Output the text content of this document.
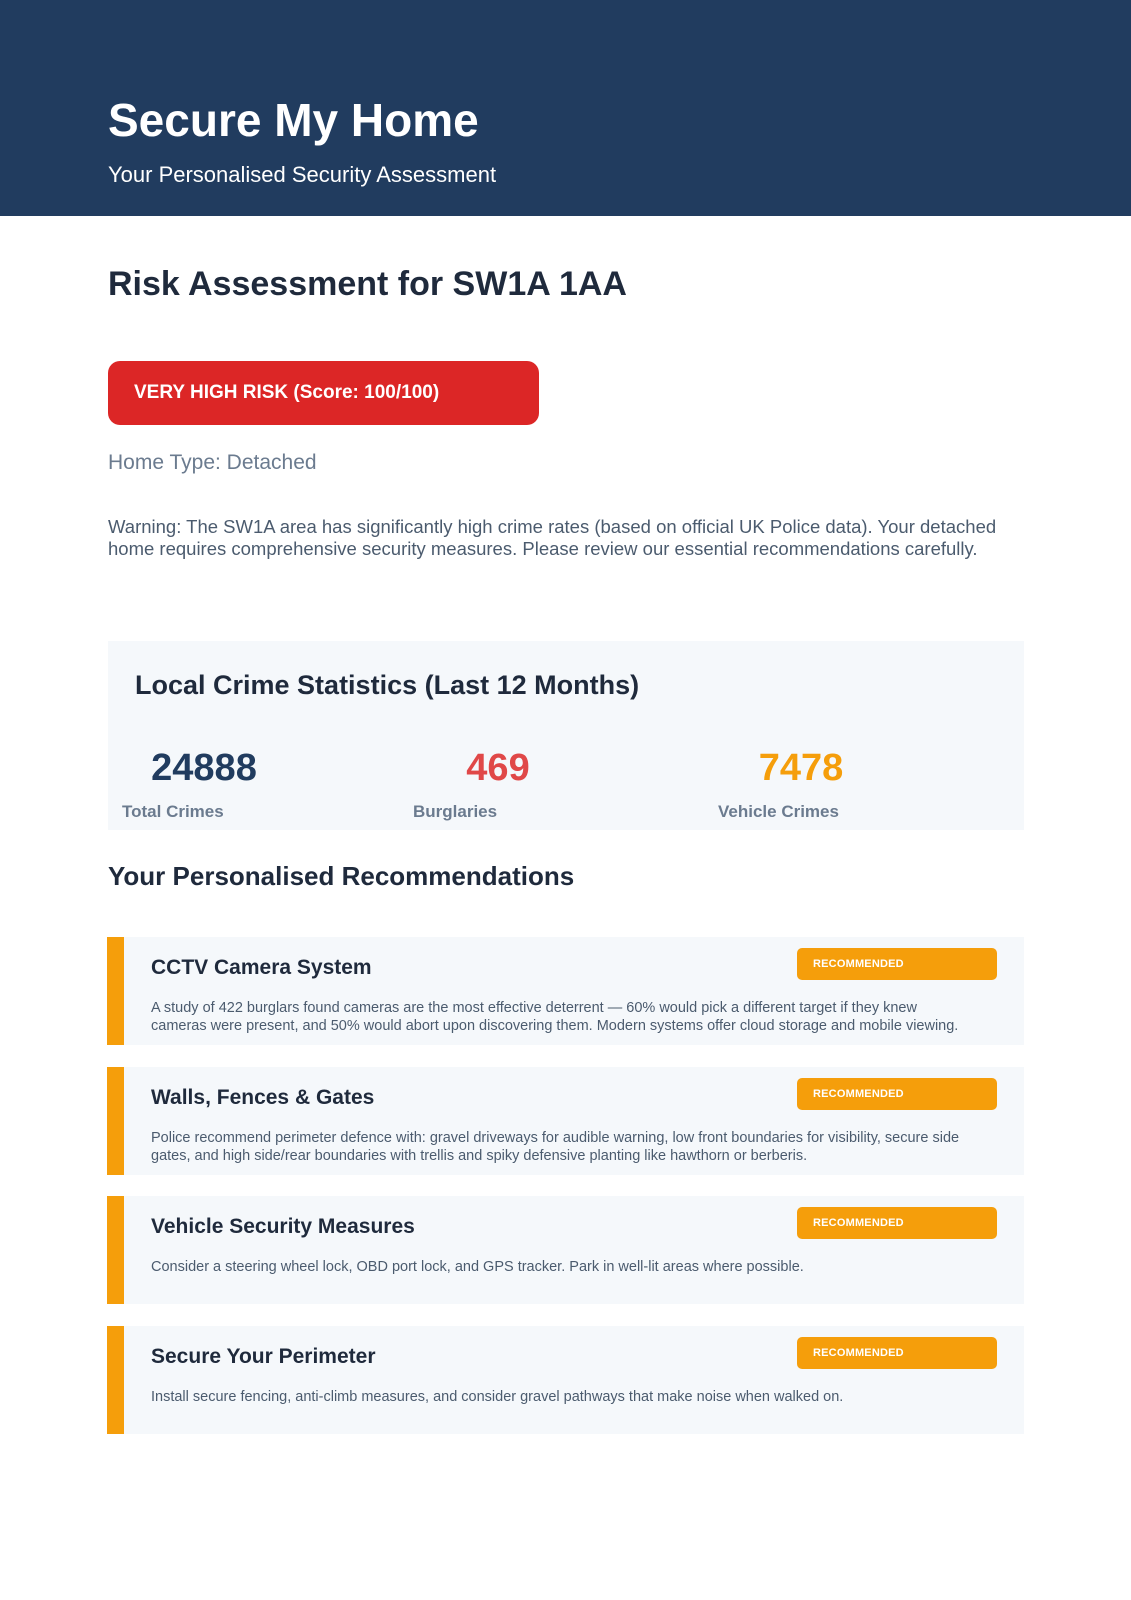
Secure My Home

Your Personalised Security Assessment

Risk Assessment for SW1A 1AA
VERY HIGH RISK (Score: 100/100)

Home Type: Detached

Warning: The SW1A area has significantly high crime rates (based on official UK Police data). Your detached home requires comprehensive security measures. Please review our essential recommendations carefully.

Local Crime Statistics (Last 12 Months)
24888
Total Crimes
469
Burglaries
7478
Vehicle Crimes
Your Personalised Recommendations
CCTV Camera System	RECOMMENDED

A study of 422 burglars found cameras are the most effective deterrent — 60% would pick a different target if they knew cameras were present, and 50% would abort upon discovering them. Modern systems offer cloud storage and mobile viewing.

Walls, Fences & Gates	RECOMMENDED

Police recommend perimeter defence with: gravel driveways for audible warning, low front boundaries for visibility, secure side gates, and high side/rear boundaries with trellis and spiky defensive planting like hawthorn or berberis.

Vehicle Security Measures	RECOMMENDED

Consider a steering wheel lock, OBD port lock, and GPS tracker. Park in well-lit areas where possible.

Secure Your Perimeter	RECOMMENDED

Install secure fencing, anti-climb measures, and consider gravel pathways that make noise when walked on.
